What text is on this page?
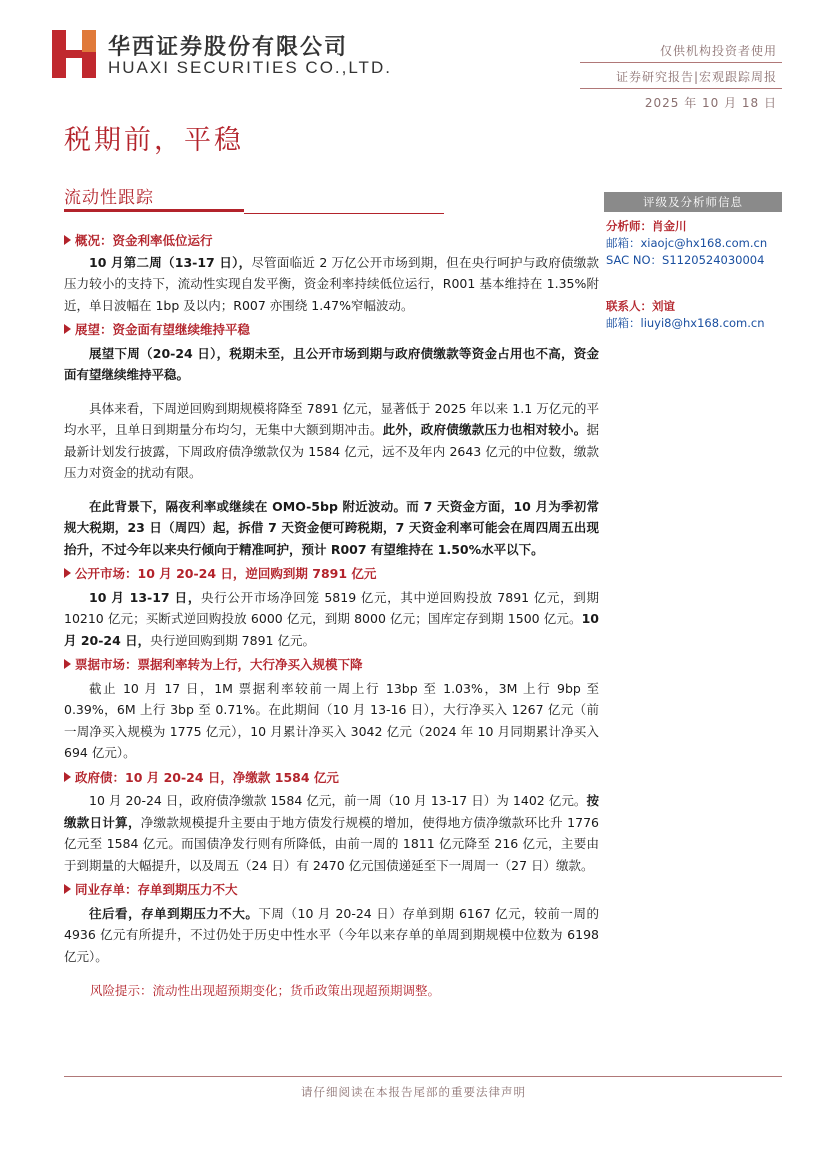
华西证券股份有限公司
HUAXI SECURITIES CO.,LTD.
仅供机构投资者使用
证券研究报告|宏观跟踪周报
2025 年 10 月 18 日
税期前，平稳
流动性跟踪
概况：资金利率低位运行

10 月第二周（13-17 日），尽管面临近 2 万亿公开市场到期，但在央行呵护与政府债缴款压力较小的支持下，流动性实现自发平衡，资金利率持续低位运行，R001 基本维持在 1.35%附近，单日波幅在 1bp 及以内；R007 亦围绕 1.47%窄幅波动。

展望：资金面有望继续维持平稳

展望下周（20-24 日），税期未至，且公开市场到期与政府债缴款等资金占用也不高，资金面有望继续维持平稳。

具体来看，下周逆回购到期规模将降至 7891 亿元，显著低于 2025 年以来 1.1 万亿元的平均水平，且单日到期量分布均匀，无集中大额到期冲击。此外，政府债缴款压力也相对较小。据最新计划发行披露，下周政府债净缴款仅为 1584 亿元，远不及年内 2643 亿元的中位数，缴款压力对资金的扰动有限。

在此背景下，隔夜利率或继续在 OMO-5bp 附近波动。而 7 天资金方面，10 月为季初常规大税期，23 日（周四）起，拆借 7 天资金便可跨税期，7 天资金利率可能会在周四周五出现抬升，不过今年以来央行倾向于精准呵护，预计 R007 有望维持在 1.50%水平以下。

公开市场：10 月 20-24 日，逆回购到期 7891 亿元

10 月 13-17 日，央行公开市场净回笼 5819 亿元，其中逆回购投放 7891 亿元，到期 10210 亿元；买断式逆回购投放 6000 亿元，到期 8000 亿元；国库定存到期 1500 亿元。10 月 20-24 日，央行逆回购到期 7891 亿元。

票据市场：票据利率转为上行，大行净买入规模下降

截止 10 月 17 日，1M 票据利率较前一周上行 13bp 至 1.03%，3M 上行 9bp 至 0.39%，6M 上行 3bp 至 0.71%。在此期间（10 月 13-16 日），大行净买入 1267 亿元（前一周净买入规模为 1775 亿元），10 月累计净买入 3042 亿元（2024 年 10 月同期累计净买入 694 亿元）。

政府债：10 月 20-24 日，净缴款 1584 亿元

10 月 20-24 日，政府债净缴款 1584 亿元，前一周（10 月 13-17 日）为 1402 亿元。按缴款日计算，净缴款规模提升主要由于地方债发行规模的增加，使得地方债净缴款环比升 1776 亿元至 1584 亿元。而国债净发行则有所降低，由前一周的 1811 亿元降至 216 亿元，主要由于到期量的大幅提升，以及周五（24 日）有 2470 亿元国债递延至下一周周一（27 日）缴款。

同业存单：存单到期压力不大

往后看，存单到期压力不大。下周（10 月 20-24 日）存单到期 6167 亿元，较前一周的 4936 亿元有所提升，不过仍处于历史中性水平（今年以来存单的单周到期规模中位数为 6198 亿元）。

风险提示：流动性出现超预期变化；货币政策出现超预期调整。
评级及分析师信息
分析师：肖金川
邮箱：xiaojc@hx168.com.cn
SAC NO：S1120524030004
联系人：刘谊
邮箱：liuyi8@hx168.com.cn
请仔细阅读在本报告尾部的重要法律声明
